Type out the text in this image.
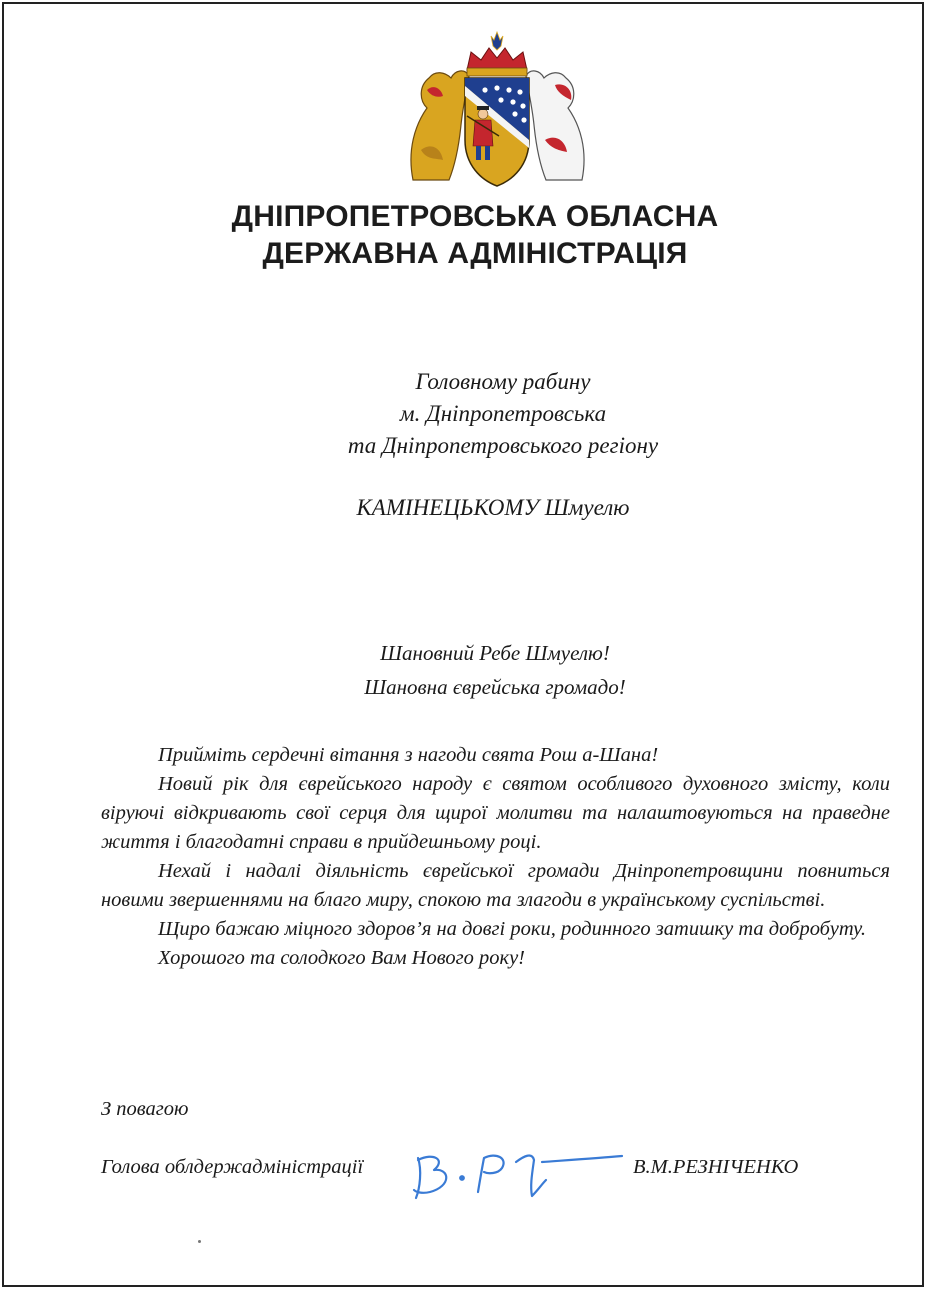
ДНІПРОПЕТРОВСЬКА ОБЛАСНА
ДЕРЖАВНА АДМІНІСТРАЦІЯ
Головному рабину
м. Дніпропетровська
та Дніпропетровського регіону
КАМІНЕЦЬКОМУ Шмуелю
Шановний Ребе Шмуелю!
Шановна єврейська громадо!

Прийміть сердечні вітання з нагоди свята Рош а-Шана!

Новий рік для єврейського народу є святом особливого духовного змісту, коли віруючі відкривають свої серця для щирої молитви та налаштовуються на праведне життя і благодатні справи в прийдешньому році.

Нехай і надалі діяльність єврейської громади Дніпропетровщини повниться новими звершеннями на благо миру, спокою та злагоди в українському суспільстві.

Щиро бажаю міцного здоров’я на довгі роки, родинного затишку та добробуту.

Хорошого та солодкого Вам Нового року!

З повагою
Голова облдержадміністрації	В.М.РЕЗНІЧЕНКО
